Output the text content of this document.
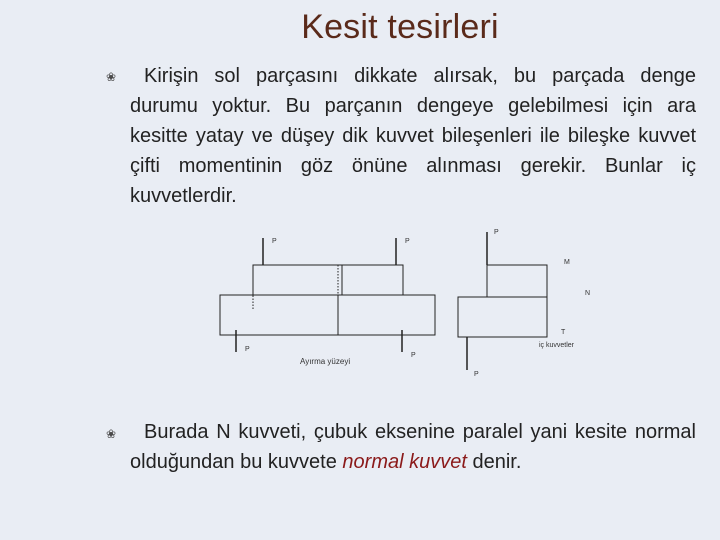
Kesit tesirleri
❀	Kirişin sol parçasını dikkate alırsak, bu parçada denge durumu yoktur. Bu parçanın dengeye gelebilmesi için ara kesitte yatay ve düşey dik kuvvet bileşenleri ile bileşke kuvvet çifti momentinin göz önüne alınması gerekir. Bunlar iç kuvvetlerdir.
P	P
P
P
Ayırma yüzeyi
P
M
N
T
iç kuvvetler
P
❀	Burada N kuvveti, çubuk eksenine paralel yani kesite normal olduğundan bu kuvvete normal kuvvet denir.
